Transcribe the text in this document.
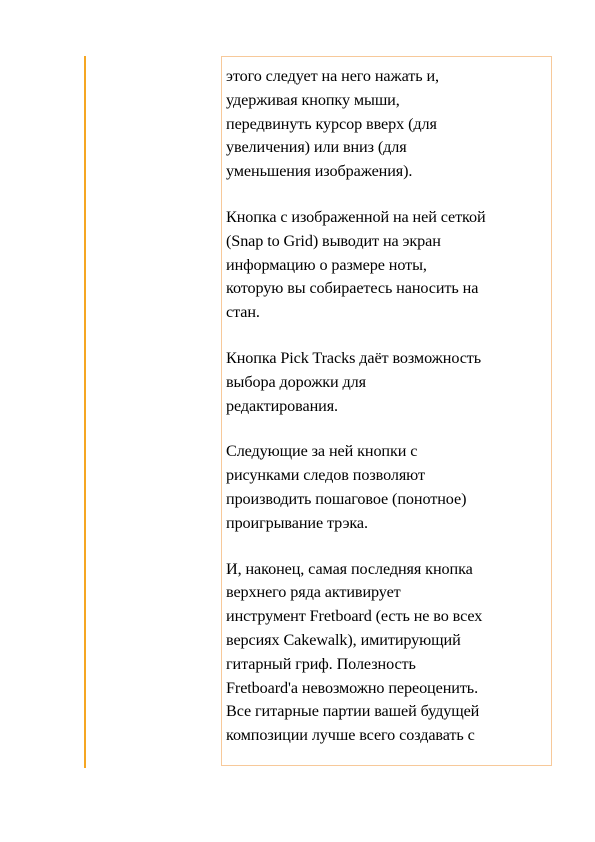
этого следует на него нажать и,
удерживая кнопку мыши,
передвинуть курсор вверх (для
увеличения) или вниз (для
уменьшения изображения).

Кнопка с изображенной на ней сеткой
(Snap to Grid) выводит на экран
информацию о размере ноты,
которую вы собираетесь наносить на
стан.

Кнопка Pick Tracks даёт возможность
выбора дорожки для
редактирования.

Следующие за ней кнопки с
рисунками следов позволяют
производить пошаговое (понотное)
проигрывание трэка.

И, наконец, самая последняя кнопка
верхнего ряда активирует
инструмент Fretboard (есть не во всех
версиях Cakewalk), имитирующий
гитарный гриф. Полезность
Fretboard'а невозможно переоценить.
Все гитарные партии вашей будущей
композиции лучше всего создавать с
